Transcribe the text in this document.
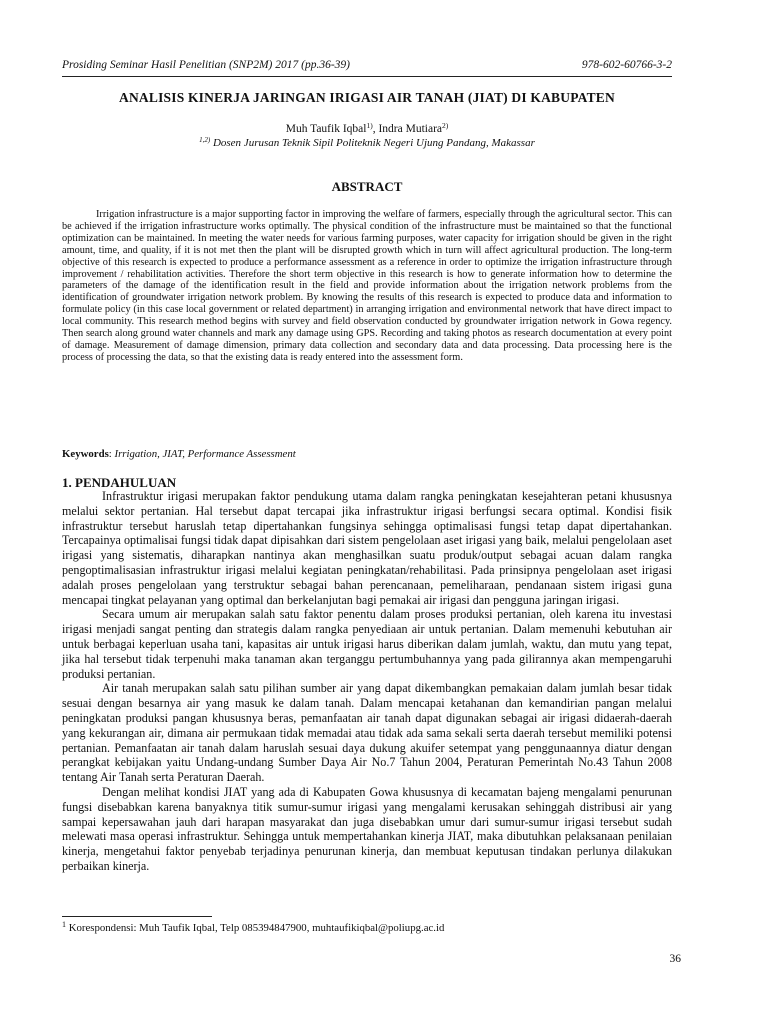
Prosiding Seminar Hasil Penelitian (SNP2M) 2017 (pp.36-39)	978-602-60766-3-2
ANALISIS KINERJA JARINGAN IRIGASI AIR TANAH (JIAT) DI KABUPATEN
Muh Taufik Iqbal$^{1)}$, Indra Mutiara$^{2)}$
$^{1,2)}$ Dosen Jurusan Teknik Sipil Politeknik Negeri Ujung Pandang, Makassar
ABSTRACT
Irrigation infrastructure is a major supporting factor in improving the welfare of farmers, especially through the agricultural sector. This can be achieved if the irrigation infrastructure works optimally. The physical condition of the infrastructure must be maintained so that the functional optimization can be maintained. In meeting the water needs for various farming purposes, water capacity for irrigation should be given in the right amount, time, and quality, if it is not met then the plant will be disrupted growth which in turn will affect agricultural production. The long-term objective of this research is expected to produce a performance assessment as a reference in order to optimize the irrigation infrastructure through improvement / rehabilitation activities. Therefore the short term objective in this research is how to generate information how to determine the parameters of the damage of the identification result in the field and provide information about the irrigation network problems from the identification of groundwater irrigation network problem. By knowing the results of this research is expected to produce data and information to formulate policy (in this case local government or related department) in arranging irrigation and environmental network that have direct impact to local community. This research method begins with survey and field observation conducted by groundwater irrigation network in Gowa regency. Then search along ground water channels and mark any damage using GPS. Recording and taking photos as research documentation at every point of damage. Measurement of damage dimension, primary data collection and secondary data and data processing. Data processing here is the process of processing the data, so that the existing data is ready entered into the assessment form.
Keywords: Irrigation, JIAT, Performance Assessment
1. PENDAHULUAN

Infrastruktur irigasi merupakan faktor pendukung utama dalam rangka peningkatan kesejahteran petani khususnya melalui sektor pertanian. Hal tersebut dapat tercapai jika infrastruktur irigasi berfungsi secara optimal. Kondisi fisik infrastruktur tersebut haruslah tetap dipertahankan fungsinya sehingga optimalisasi fungsi tetap dapat dipertahankan. Tercapainya optimalisai fungsi tidak dapat dipisahkan dari sistem pengelolaan aset irigasi yang baik, melalui pengelolaan aset irigasi yang sistematis, diharapkan nantinya akan menghasilkan suatu produk/output sebagai acuan dalam rangka pengoptimalisasian infrastruktur irigasi melalui kegiatan peningkatan/rehabilitasi. Pada prinsipnya pengelolaan aset irigasi adalah proses pengelolaan yang terstruktur sebagai bahan perencanaan, pemeliharaan, pendanaan sistem irigasi guna mencapai tingkat pelayanan yang optimal dan berkelanjutan bagi pemakai air irigasi dan pengguna jaringan irigasi.

Secara umum air merupakan salah satu faktor penentu dalam proses produksi pertanian, oleh karena itu investasi irigasi menjadi sangat penting dan strategis dalam rangka penyediaan air untuk pertanian. Dalam memenuhi kebutuhan air untuk berbagai keperluan usaha tani, kapasitas air untuk irigasi harus diberikan dalam jumlah, waktu, dan mutu yang tepat, jika hal tersebut tidak terpenuhi maka tanaman akan terganggu pertumbuhannya yang pada gilirannya akan mempengaruhi produksi pertanian.

Air tanah merupakan salah satu pilihan sumber air yang dapat dikembangkan pemakaian dalam jumlah besar tidak sesuai dengan besarnya air yang masuk ke dalam tanah. Dalam mencapai ketahanan dan kemandirian pangan melalui peningkatan produksi pangan khususnya beras, pemanfaatan air tanah dapat digunakan sebagai air irigasi didaerah-daerah yang kekurangan air, dimana air permukaan tidak memadai atau tidak ada sama sekali serta daerah tersebut memiliki potensi pertanian. Pemanfaatan air tanah dalam haruslah sesuai daya dukung akuifer setempat yang penggunaannya diatur dengan perangkat kebijakan yaitu Undang-undang Sumber Daya Air No.7 Tahun 2004, Peraturan Pemerintah No.43 Tahun 2008 tentang Air Tanah serta Peraturan Daerah.

Dengan melihat kondisi JIAT yang ada di Kabupaten Gowa khususnya di kecamatan bajeng mengalami penurunan fungsi disebabkan karena banyaknya titik sumur-sumur irigasi yang mengalami kerusakan sehinggah distribusi air yang sampai kepersawahan jauh dari harapan masyarakat dan juga disebabkan umur dari sumur-sumur irigasi tersebut sudah melewati masa operasi infrastruktur. Sehingga untuk mempertahankan kinerja JIAT, maka dibutuhkan pelaksanaan penilaian kinerja, mengetahui faktor penyebab terjadinya penurunan kinerja, dan membuat keputusan tindakan perlunya dilakukan perbaikan kinerja.

$^1$ Korespondensi: Muh Taufik Iqbal, Telp 085394847900, muhtaufikiqbal@poliupg.ac.id
36
